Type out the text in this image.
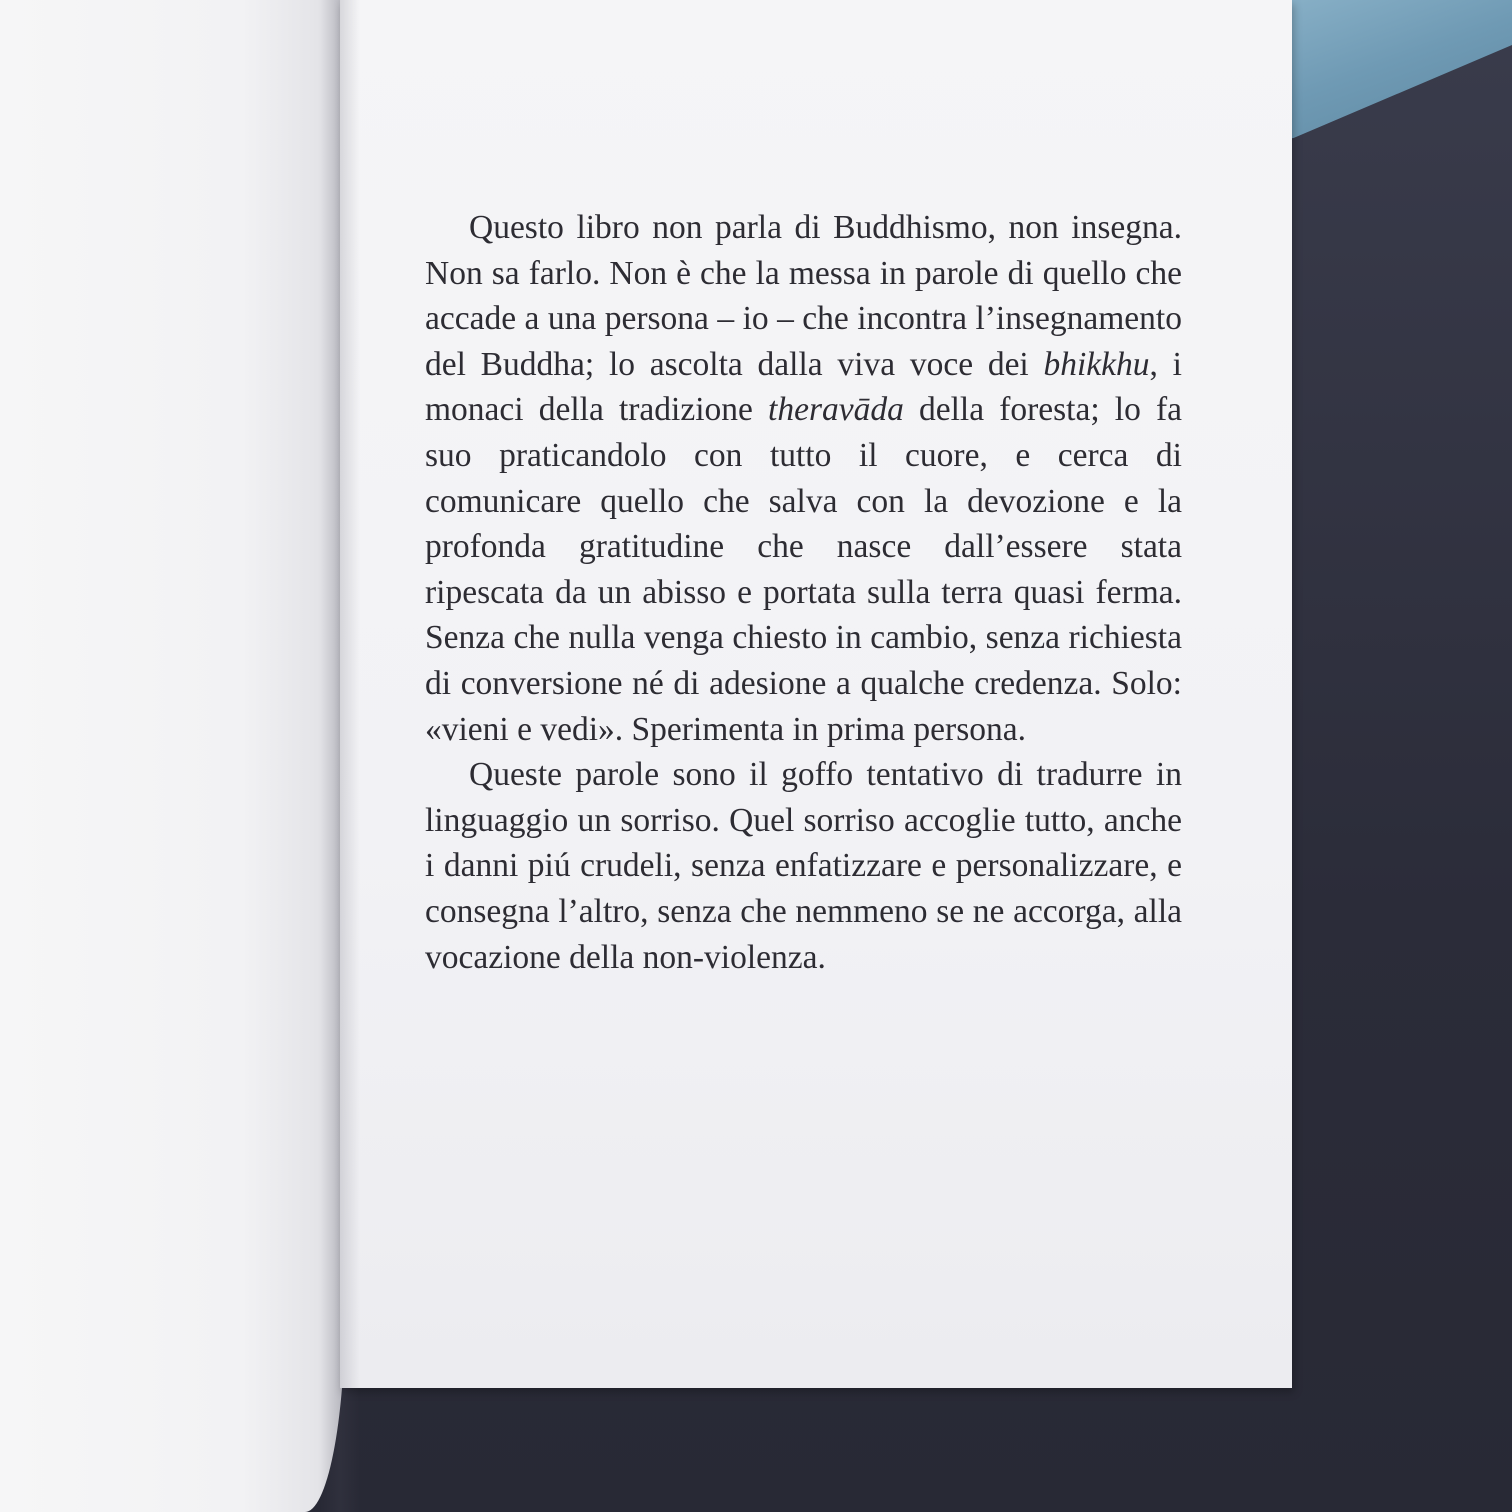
Questo libro non parla di Buddhismo, non insegna. Non sa farlo. Non è che la messa in parole di quello che accade a una persona – io – che incontra l’insegnamento del Buddha; lo ascolta dalla viva voce dei bhikkhu, i monaci della tradizione theravāda della foresta; lo fa suo praticandolo con tutto il cuore, e cerca di comunicare quello che salva con la devozione e la profonda gratitudine che nasce dall’essere stata ripescata da un abisso e portata sulla terra quasi ferma. Senza che nulla venga chiesto in cambio, senza richiesta di conversione né di adesione a qualche credenza. Solo: «vieni e vedi». Sperimenta in prima persona.

Queste parole sono il goffo tentativo di tradurre in linguaggio un sorriso. Quel sorriso accoglie tutto, anche i danni piú crudeli, senza enfatizzare e personalizzare, e consegna l’altro, senza che nemmeno se ne accorga, alla vocazione della non-violenza.
